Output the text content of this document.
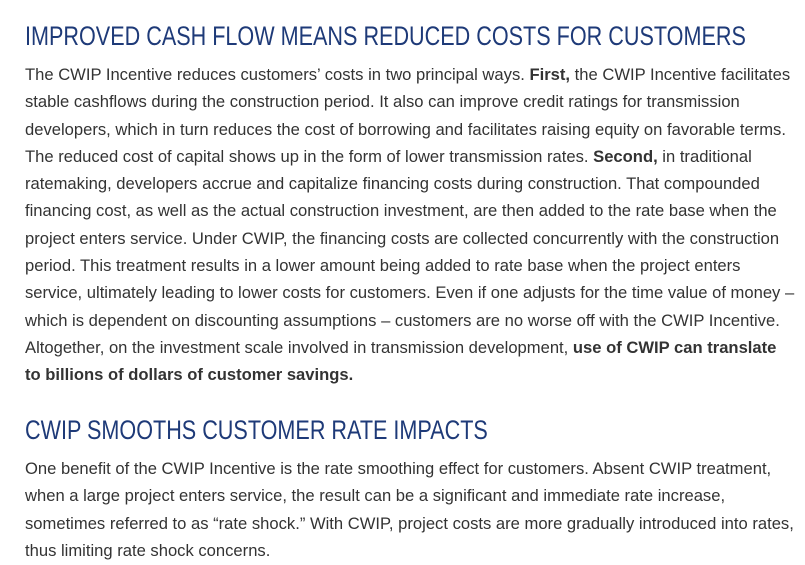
IMPROVED CASH FLOW MEANS REDUCED COSTS FOR CUSTOMERS

The CWIP Incentive reduces customers’ costs in two principal ways. First, the CWIP Incentive facilitates stable cashflows during the construction period. It also can improve credit ratings for transmission developers, which in turn reduces the cost of borrowing and facilitates raising equity on favorable terms. The reduced cost of capital shows up in the form of lower transmission rates. Second, in traditional ratemaking, developers accrue and capitalize financing costs during construction. That compounded financing cost, as well as the actual construction investment, are then added to the rate base when the project enters service. Under CWIP, the financing costs are collected concurrently with the construction period. This treatment results in a lower amount being added to rate base when the project enters service, ultimately leading to lower costs for customers. Even if one adjusts for the time value of money – which is dependent on discounting assumptions – customers are no worse off with the CWIP Incentive. Altogether, on the investment scale involved in transmission development, use of CWIP can translate to billions of dollars of customer savings.

CWIP SMOOTHS CUSTOMER RATE IMPACTS

One benefit of the CWIP Incentive is the rate smoothing effect for customers. Absent CWIP treatment, when a large project enters service, the result can be a significant and immediate rate increase, sometimes referred to as “rate shock.” With CWIP, project costs are more gradually introduced into rates, thus limiting rate shock concerns.
